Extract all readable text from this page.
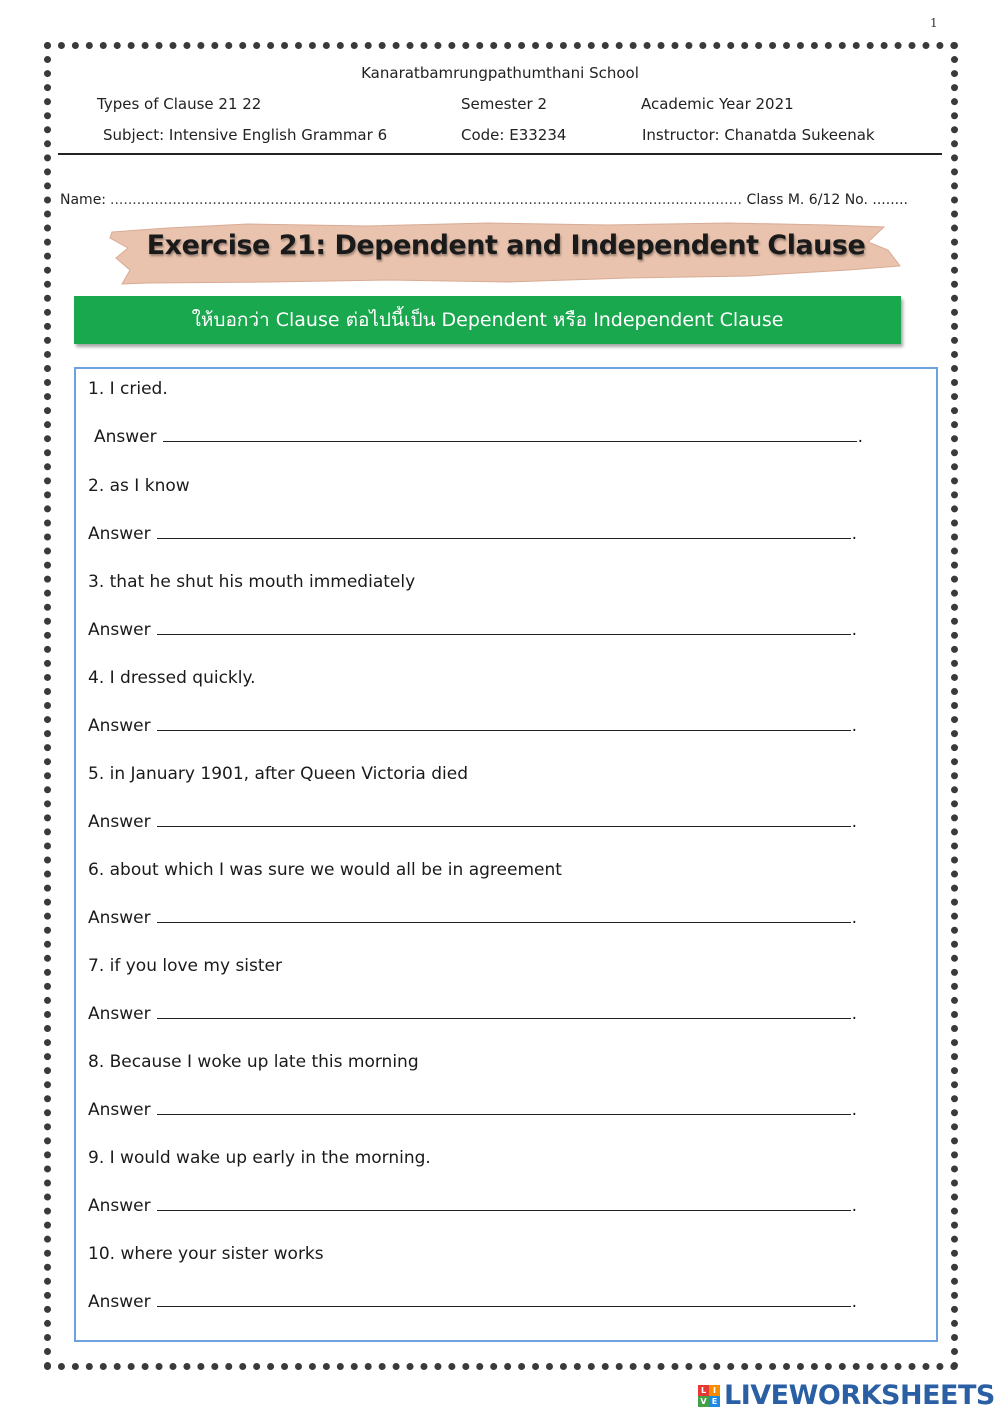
1
Kanaratbamrungpathumthani School
Types of Clause 21 22	Semester 2	Academic Year 2021
Subject: Intensive English Grammar 6	Code: E33234	Instructor: Chanatda Sukeenak
Name:
.....	Class M. 6/12 No. ........
Exercise 21: Dependent and Independent Clause
ให้บอกว่า Clause ต่อไปนี้เป็น Dependent หรือ Independent Clause
1. I cried.
Answer	.
2. as I know
Answer	.
3. that he shut his mouth immediately
Answer	.
4. I dressed quickly.
Answer	.
5. in January 1901, after Queen Victoria died
Answer	.
6. about which I was sure we would all be in agreement
Answer	.
7. if you love my sister
Answer	.
8. Because I woke up late this morning
Answer	.
9. I would wake up early in the morning.
Answer	.
10. where your sister works
Answer	.
L I
V E LIVEWORKSHEETS
